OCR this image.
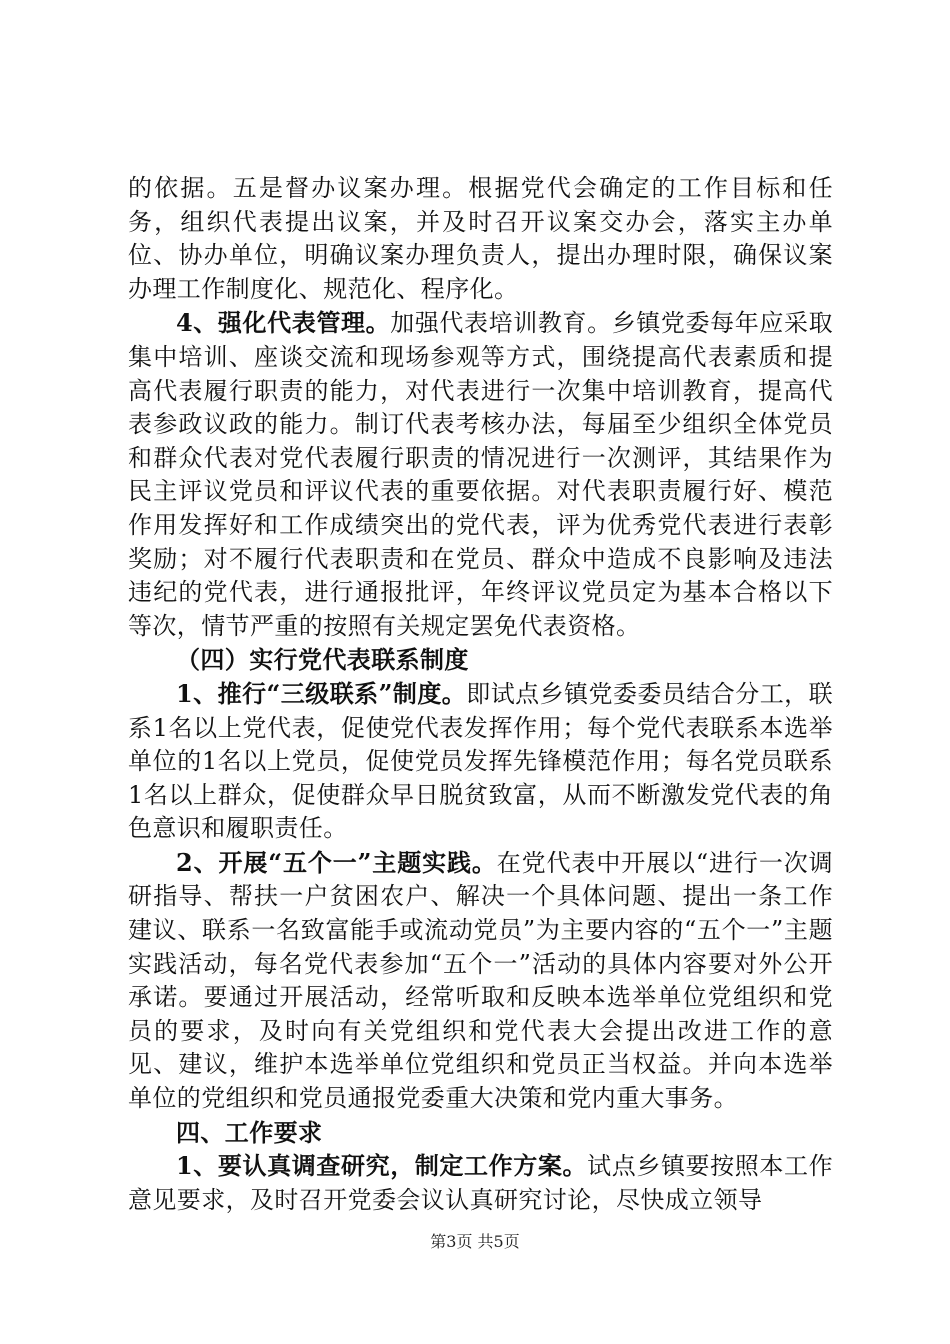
的依据。五是督办议案办理。根据党代会确定的工作目标和任务，组织代表提出议案，并及时召开议案交办会，落实主办单位、协办单位，明确议案办理负责人，提出办理时限，确保议案办理工作制度化、规范化、程序化。

4、强化代表管理。加强代表培训教育。乡镇党委每年应采取集中培训、座谈交流和现场参观等方式，围绕提高代表素质和提高代表履行职责的能力，对代表进行一次集中培训教育，提高代表参政议政的能力。制订代表考核办法，每届至少组织全体党员和群众代表对党代表履行职责的情况进行一次测评，其结果作为民主评议党员和评议代表的重要依据。对代表职责履行好、模范作用发挥好和工作成绩突出的党代表，评为优秀党代表进行表彰奖励；对不履行代表职责和在党员、群众中造成不良影响及违法违纪的党代表，进行通报批评，年终评议党员定为基本合格以下等次，情节严重的按照有关规定罢免代表资格。

（四）实行党代表联系制度

1、推行“三级联系”制度。即试点乡镇党委委员结合分工，联系1名以上党代表，促使党代表发挥作用；每个党代表联系本选举单位的1名以上党员，促使党员发挥先锋模范作用；每名党员联系1名以上群众，促使群众早日脱贫致富，从而不断激发党代表的角色意识和履职责任。

2、开展“五个一”主题实践。在党代表中开展以“进行一次调研指导、帮扶一户贫困农户、解决一个具体问题、提出一条工作建议、联系一名致富能手或流动党员”为主要内容的“五个一”主题实践活动，每名党代表参加“五个一”活动的具体内容要对外公开承诺。要通过开展活动，经常听取和反映本选举单位党组织和党员的要求，及时向有关党组织和党代表大会提出改进工作的意见、建议，维护本选举单位党组织和党员正当权益。并向本选举单位的党组织和党员通报党委重大决策和党内重大事务。

四、工作要求

1、要认真调查研究，制定工作方案。试点乡镇要按照本工作意见要求，及时召开党委会议认真研究讨论，尽快成立领导

第3页 共5页
